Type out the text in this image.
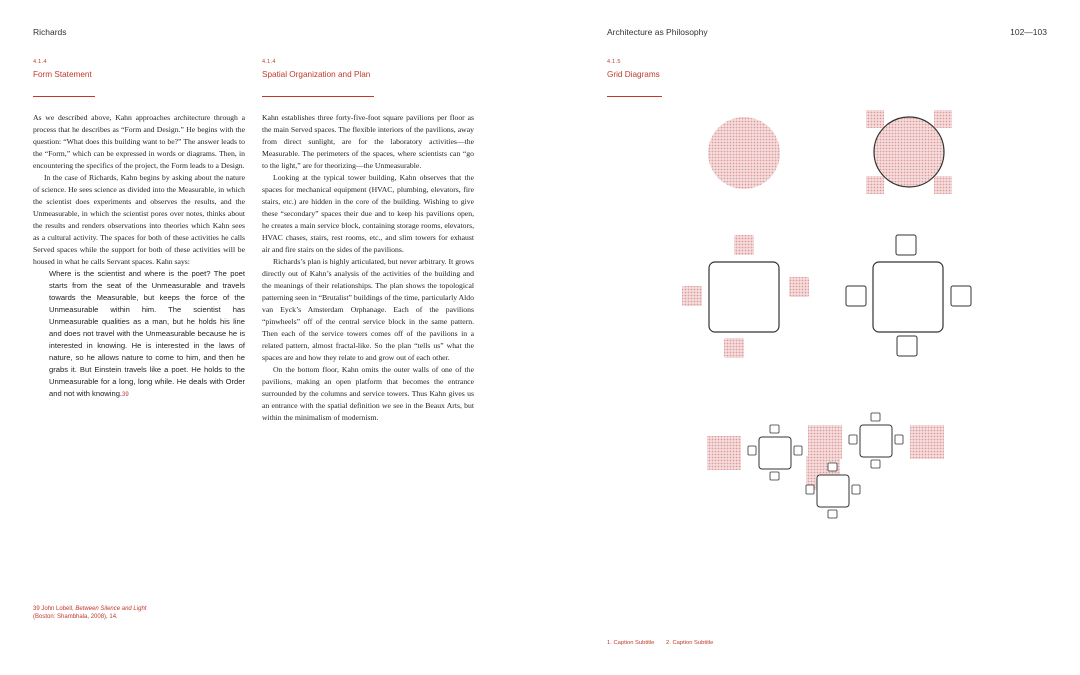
Richards
4.1.4
Form Statement

As we described above, Kahn approaches architecture through a process that he describes as “Form and Design.” He begins with the question: “What does this building want to be?” The answer leads to the “Form,” which can be expressed in words or diagrams. Then, in encountering the specifics of the project, the Form leads to a Design.

In the case of Richards, Kahn begins by asking about the nature of science. He sees science as divided into the Measurable, in which the scientist does experiments and observes the results, and the Unmeasurable, in which the scientist pores over notes, thinks about the results and renders observations into theories which Kahn sees as a cultural activity. The spaces for both of these activities he calls Served spaces while the support for both of these activities will be housed in what he calls Servant spaces. Kahn says:

Where is the scientist and where is the poet? The poet starts from the seat of the Unmeasurable and travels towards the Measurable, but keeps the force of the Unmeasurable within him. The scientist has Unmeasurable qualities as a man, but he holds his line and does not travel with the Unmeasurable because he is interested in knowing. He is interested in the laws of nature, so he allows nature to come to him, and then he grabs it. But Einstein travels like a poet. He holds to the Unmeasurable for a long, long while. He deals with Order and not with knowing.39

4.1.4
Spatial Organization and Plan

Kahn establishes three forty-five-foot square pavilions per floor as the main Served spaces. The flexible interiors of the pavilions, away from direct sunlight, are for the laboratory activities—the Measurable. The perimeters of the spaces, where scientists can “go to the light,” are for theorizing—the Unmeasurable.

Looking at the typical tower building, Kahn observes that the spaces for mechanical equipment (HVAC, plumbing, elevators, fire stairs, etc.) are hidden in the core of the building. Wishing to give these “secondary” spaces their due and to keep his pavilions open, he creates a main service block, containing storage rooms, elevators, HVAC chases, stairs, rest rooms, etc., and slim towers for exhaust air and fire stairs on the sides of the pavilions.

Richards’s plan is highly articulated, but never arbitrary. It grows directly out of Kahn’s analysis of the activities of the building and the meanings of their relationships. The plan shows the topological patterning seen in “Brutalist” buildings of the time, particularly Aldo van Eyck’s Amsterdam Orphanage. Each of the pavilions “pinwheels” off of the central service block in the same pattern. Then each of the service towers comes off of the pavilions in a related pattern, almost fractal-like. So the plan “tells us” what the spaces are and how they relate to and grow out of each other.

On the bottom floor, Kahn omits the outer walls of one of the pavilions, making an open platform that becomes the entrance surrounded by the columns and service towers. Thus Kahn gives us an entrance with the spatial definition we see in the Beaux Arts, but within the minimalism of modernism.

39 John Lobell, Between Silence and Light (Boston: Shambhala, 2008), 14.
Architecture as Philosophy	102—103
4.1.5
Grid Diagrams
1. Caption Subtitle 2. Caption Subtitle
